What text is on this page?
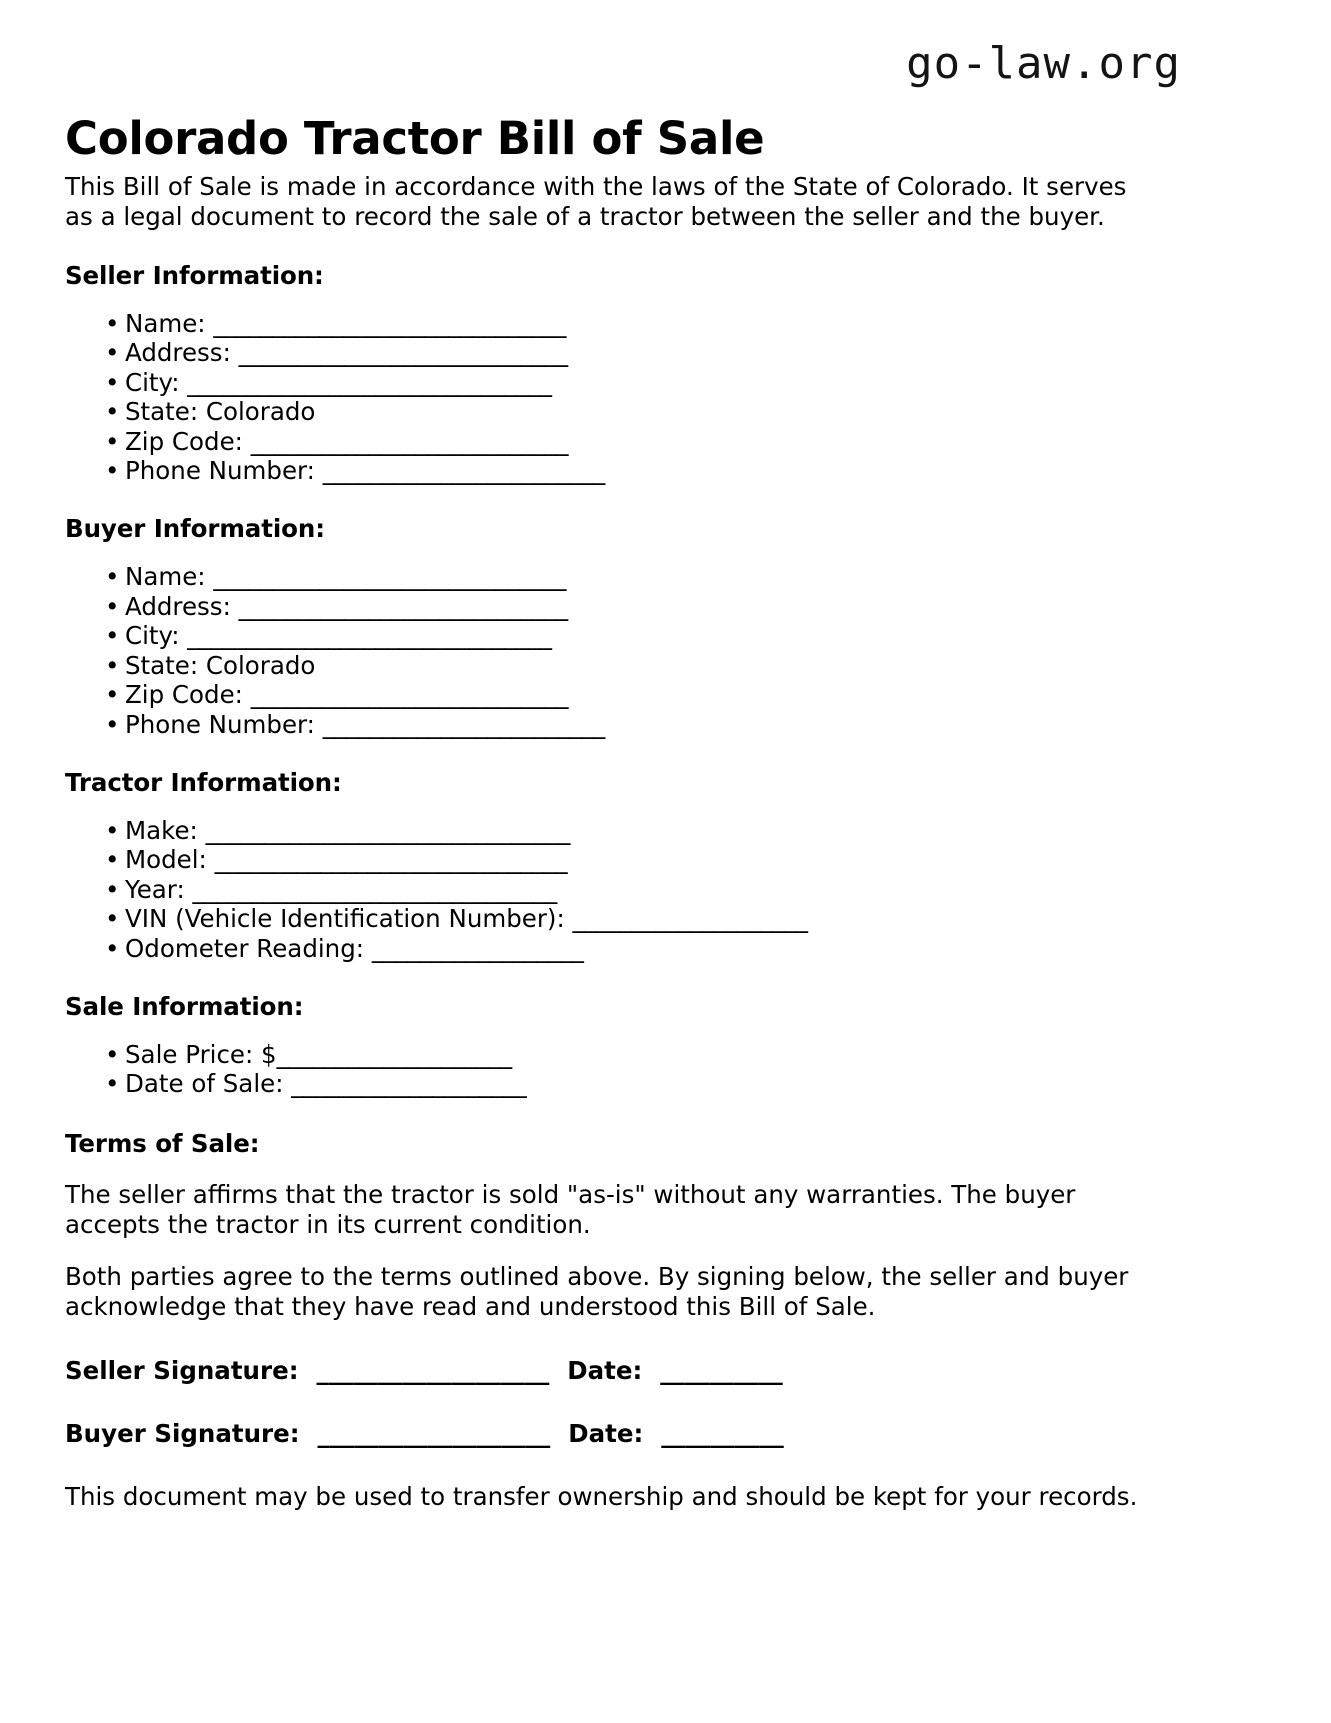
go-law.org
Colorado Tractor Bill of Sale

This Bill of Sale is made in accordance with the laws of the State of Colorado. It serves as a legal document to record the sale of a tractor between the seller and the buyer.

Seller Information:
• Name: ______________________________
• Address: ____________________________
• City: _______________________________
• State: Colorado
• Zip Code: ___________________________
• Phone Number: ________________________
Buyer Information:
• Name: ______________________________
• Address: ____________________________
• City: _______________________________
• State: Colorado
• Zip Code: ___________________________
• Phone Number: ________________________
Tractor Information:
• Make: _______________________________
• Model: ______________________________
• Year: _______________________________
• VIN (Vehicle Identification Number): ____________________
• Odometer Reading: __________________
Sale Information:
• Sale Price: $____________________
• Date of Sale: ____________________
Terms of Sale:

The seller affirms that the tractor is sold "as-is" without any warranties. The buyer accepts the tractor in its current condition.

Both parties agree to the terms outlined above. By signing below, the seller and buyer acknowledge that they have read and understood this Bill of Sale.

Seller Signature: ___________________ Date: __________
Buyer Signature: ___________________ Date: __________

This document may be used to transfer ownership and should be kept for your records.
